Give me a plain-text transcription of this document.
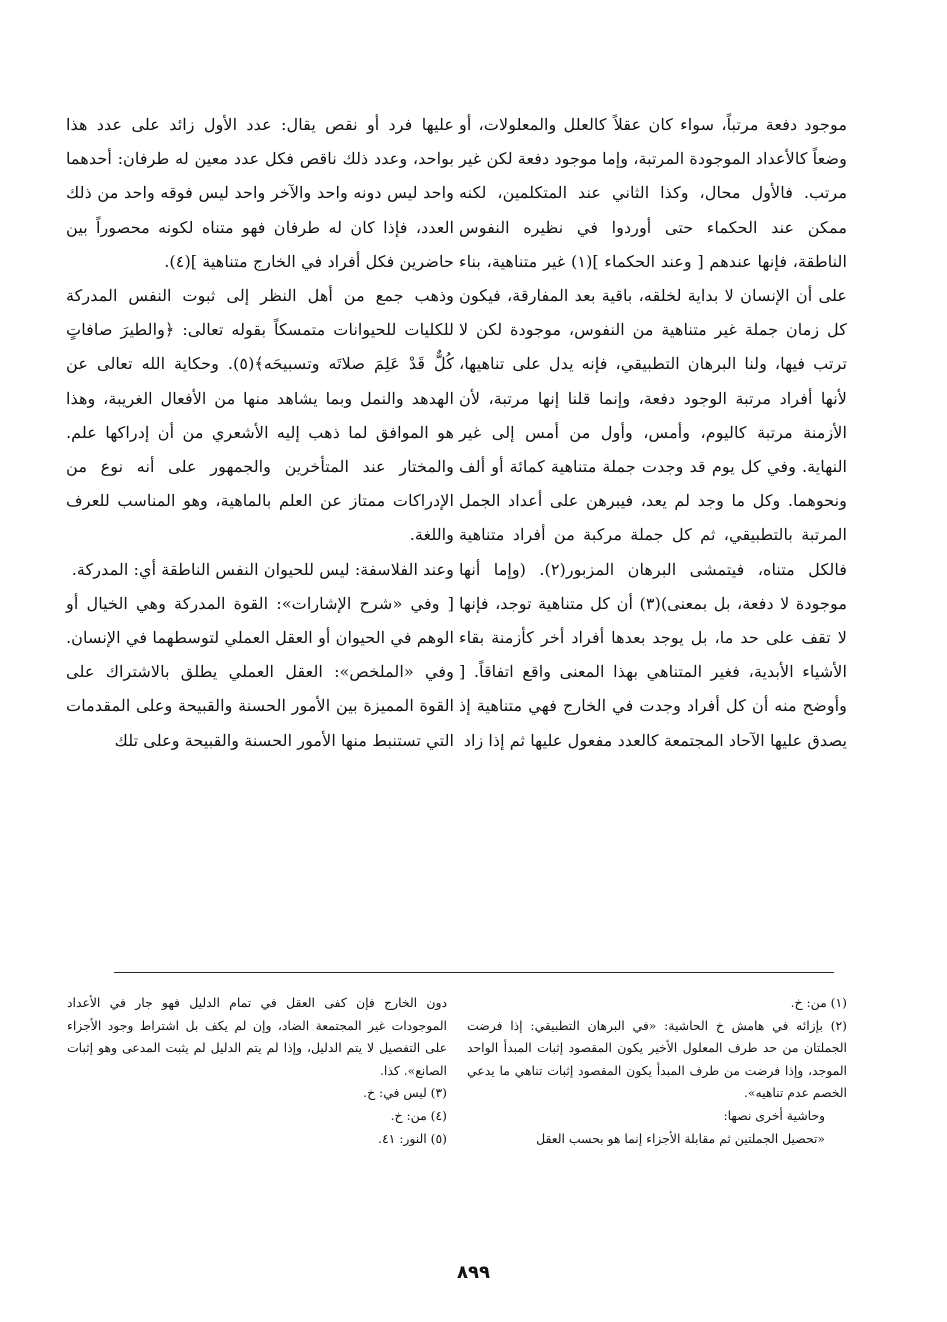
موجود دفعة مرتباً، سواء كان عقلاً كالعلل والمعلولات، أو وضعاً كالأعداد الموجودة المرتبة، وإما موجود دفعة لكن غير مرتب. فالأول محال، وكذا الثاني عند المتكلمين، لكنه ممكن عند الحكماء حتى أوردوا في نظيره النفوس الناطقة، فإنها عندهم [ وعند الحكماء ](١) غير متناهية، بناء على أن الإنسان لا بداية لخلقه، باقية بعد المفارقة، فيكون كل زمان جملة غير متناهية من النفوس، موجودة لكن لا ترتب فيها، ولنا البرهان التطبيقي، فإنه يدل على تناهيها، لأنها أفراد مرتبة الوجود دفعة، وإنما قلنا إنها مرتبة، لأن الأزمنة مرتبة كاليوم، وأمس، وأول من أمس إلى غير النهاية. وفي كل يوم قد وجدت جملة متناهية كمائة أو ألف ونحوهما. وكل ما وجد لم يعد، فيبرهن على أعداد الجمل المرتبة بالتطبيقي، ثم كل جملة مركبة من أفراد متناهية فالكل متناه، فيتمشى البرهان المزبور(٢). (وإما أنها موجودة لا دفعة، بل بمعنى)(٣) أن كل متناهية توجد، فإنها لا تقف على حد ما، بل يوجد بعدها أفراد أخر كأزمنة بقاء الأشياء الأبدية، فغير المتناهي بهذا المعنى واقع اتفاقاً. [ وأوضح منه أن كل أفراد وجدت في الخارج فهي متناهية إذ يصدق عليها الآحاد المجتمعة كالعدد مفعول عليها ثم إذا زاد

عليها فرد أو نقص يقال: عدد الأول زائد على عدد هذا بواحد، وعدد ذلك ناقص فكل عدد معين له طرفان: أحدهما واحد ليس دونه واحد والآخر واحد ليس فوقه واحد من ذلك العدد، فإذا كان له طرفان فهو متناه لكونه محصوراً بين حاضرين فكل أفراد في الخارج متناهية ](٤).

وذهب جمع من أهل النظر إلى ثبوت النفس المدركة للكليات للحيوانات متمسكاً بقوله تعالى: ﴿والطيرَ صافاتٍ كُلٌّ قَدْ عَلِمَ صلاتَه وتسبيحَه﴾(٥). وحكاية الله تعالى عن الهدهد والنمل وبما يشاهد منها من الأفعال الغريبة، وهذا هو الموافق لما ذهب إليه الأشعري من أن إدراكها علم. والمختار عند المتأخرين والجمهور على أنه نوع من الإدراكات ممتاز عن العلم بالماهية، وهو المناسب للعرف واللغة.

وعند الفلاسفة: ليس للحيوان النفس الناطقة أي: المدركة.

[ وفي «شرح الإشارات»: القوة المدركة وهي الخيال أو الوهم في الحيوان أو العقل العملي لتوسطهما في الإنسان. وفي «الملخص»: العقل العملي يطلق بالاشتراك على القوة المميزة بين الأمور الحسنة والقبيحة وعلى المقدمات التي تستنبط منها الأمور الحسنة والقبيحة وعلى تلك

(١) من: خ.

(٢) بإزائه في هامش خ الحاشية: «في البرهان التطبيقي: إذا فرضت الجملتان من حد طرف المعلول الأخير يكون المقصود إثبات المبدأ الواحد الموجد، وإذا فرضت من طرف المبدأ يكون المقصود إثبات تناهي ما يدعي الخصم عدم تناهيه».

وحاشية أخرى نصها:

«تحصيل الجملتين ثم مقابلة الأجزاء إنما هو بحسب العقل

دون الخارج فإن كفى العقل في تمام الدليل فهو جار في الأعداد الموجودات غير المجتمعة الضاد، وإن لم يكف بل اشتراط وجود الأجزاء على التفصيل لا يتم الدليل، وإذا لم يتم الدليل لم يثبت المدعى وهو إثبات الصانع». كذا.

(٣) ليس في: خ.

(٤) من: خ.

(٥) النور: ٤١.

٨٩٩
